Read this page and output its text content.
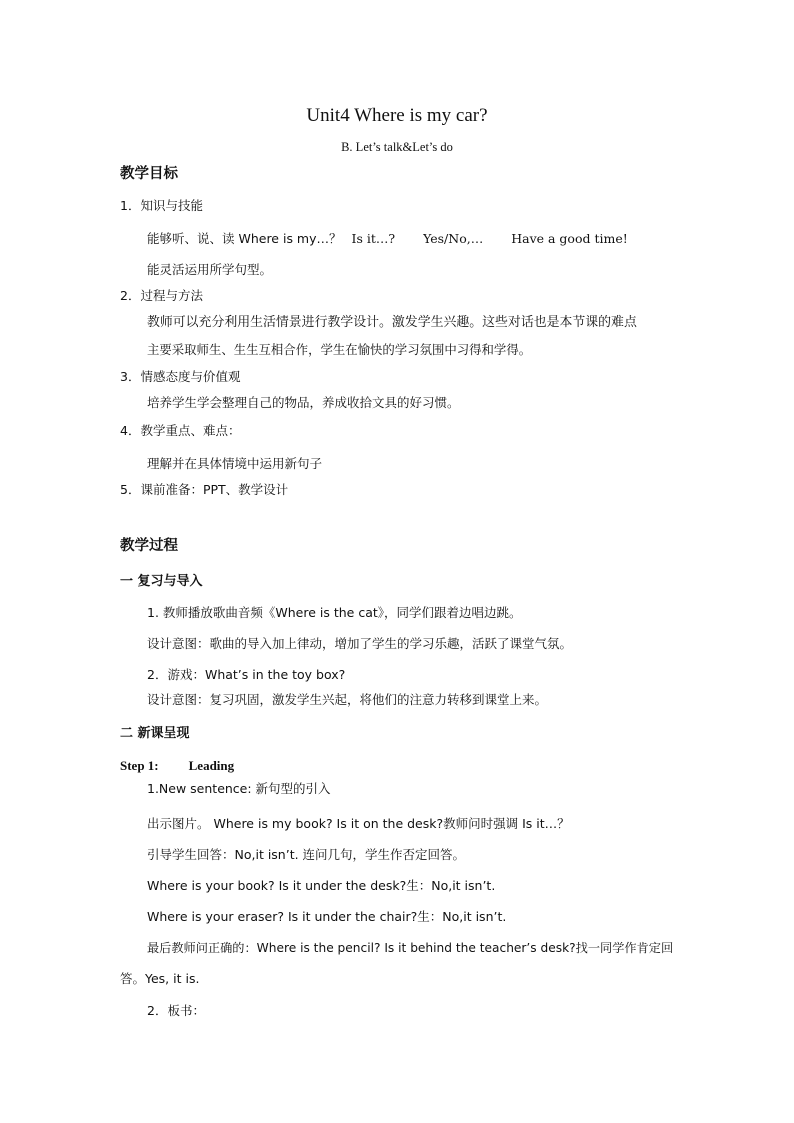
Unit4 Where is my car?
B. Let’s talk&Let’s do
教学目标
1．知识与技能
能够听、说、读 Where is my…？ Is it…? Yes/No,… Have a good time!
能灵活运用所学句型。
2．过程与方法
教师可以充分利用生活情景进行教学设计。激发学生兴趣。这些对话也是本节课的难点
主要采取师生、生生互相合作，学生在愉快的学习氛围中习得和学得。
3．情感态度与价值观
培养学生学会整理自己的物品，养成收拾文具的好习惯。
4．教学重点、难点：
理解并在具体情境中运用新句子
5．课前准备：PPT、教学设计
教学过程
一 复习与导入
1. 教师播放歌曲音频《Where is the cat》，同学们跟着边唱边跳。
设计意图：歌曲的导入加上律动，增加了学生的学习乐趣，活跃了课堂气氛。
2．游戏：What’s in the toy box?
设计意图：复习巩固，激发学生兴起，将他们的注意力转移到课堂上来。
二 新课呈现
Step 1: Leading
1.New sentence: 新句型的引入
出示图片。 Where is my book? Is it on the desk?教师问时强调 Is it…？
引导学生回答：No,it isn’t. 连问几句，学生作否定回答。
Where is your book? Is it under the desk?生：No,it isn’t.
Where is your eraser? Is it under the chair?生：No,it isn’t.
最后教师问正确的：Where is the pencil? Is it behind the teacher’s desk?找一同学作肯定回
答。Yes, it is.
2．板书：
